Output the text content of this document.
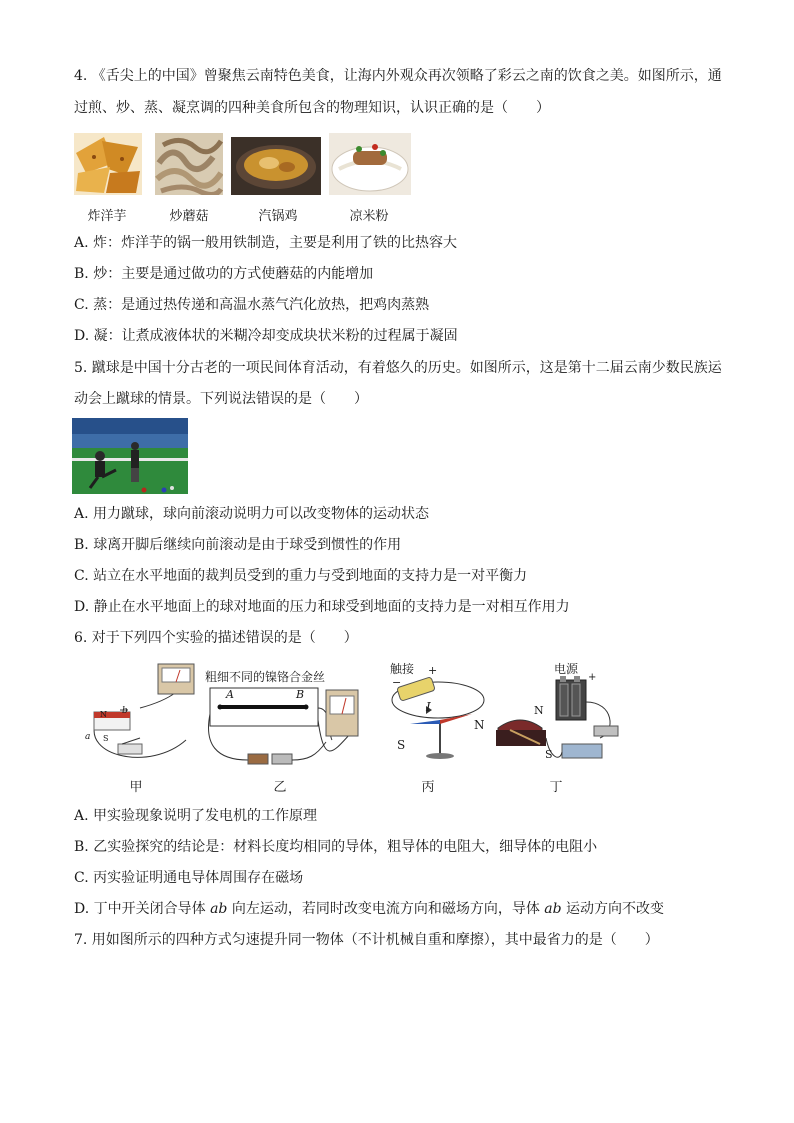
4. 《舌尖上的中国》曾聚焦云南特色美食，让海内外观众再次领略了彩云之南的饮食之美。如图所示，通
过煎、炒、蒸、凝烹调的四种美食所包含的物理知识，认识正确的是（　　）
炸洋芋	炒蘑菇	汽锅鸡	凉米粉
A. 炸：炸洋芋的锅一般用铁制造，主要是利用了铁的比热容大
B. 炒：主要是通过做功的方式使蘑菇的内能增加
C. 蒸：是通过热传递和高温水蒸气汽化放热，把鸡肉蒸熟
D. 凝：让煮成液体状的米糊冷却变成块状米粉的过程属于凝固
5. 蹴球是中国十分古老的一项民间体育活动，有着悠久的历史。如图所示，这是第十二届云南少数民族运
动会上蹴球的情景。下列说法错误的是（　　）
A. 用力蹴球，球向前滚动说明力可以改变物体的运动状态
B. 球离开脚后继续向前滚动是由于球受到惯性的作用
C. 站立在水平地面的裁判员受到的重力与受到地面的支持力是一对平衡力
D. 静止在水平地面上的球对地面的压力和球受到地面的支持力是一对相互作用力
6. 对于下列四个实验的描述错误的是（　　）
N
S
a
b
粗细不同的镍铬合金丝
A	B
触接 +
−
I
N
S
电源
N
S
+
甲	乙	丙	丁
A. 甲实验现象说明了发电机的工作原理
B. 乙实验探究的结论是：材料长度均相同的导体，粗导体的电阻大，细导体的电阻小
C. 丙实验证明通电导体周围存在磁场
D. 丁中开关闭合导体 ab 向左运动，若同时改变电流方向和磁场方向，导体 ab 运动方向不改变
7. 用如图所示的四种方式匀速提升同一物体（不计机械自重和摩擦），其中最省力的是（　　）
